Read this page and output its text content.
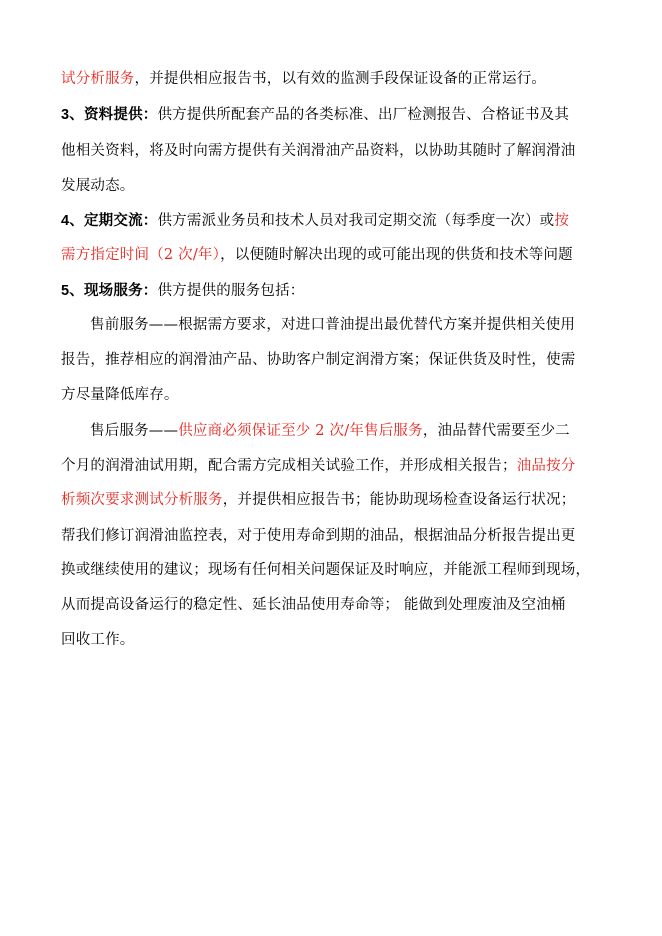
试分析服务，并提供相应报告书，以有效的监测手段保证设备的正常运行。
3、资料提供：供方提供所配套产品的各类标准、出厂检测报告、合格证书及其
他相关资料，将及时向需方提供有关润滑油产品资料，以协助其随时了解润滑油
发展动态。
4、定期交流：供方需派业务员和技术人员对我司定期交流（每季度一次）或按
需方指定时间（2 次/年），以便随时解决出现的或可能出现的供货和技术等问题
5、现场服务：供方提供的服务包括：
售前服务——根据需方要求，对进口普油提出最优替代方案并提供相关使用
报告，推荐相应的润滑油产品、协助客户制定润滑方案；保证供货及时性，使需
方尽量降低库存。
售后服务——供应商必须保证至少 2 次/年售后服务，油品替代需要至少二
个月的润滑油试用期，配合需方完成相关试验工作，并形成相关报告；油品按分
析频次要求测试分析服务，并提供相应报告书；能协助现场检查设备运行状况；
帮我们修订润滑油监控表，对于使用寿命到期的油品，根据油品分析报告提出更
换或继续使用的建议；现场有任何相关问题保证及时响应，并能派工程师到现场，
从而提高设备运行的稳定性、延长油品使用寿命等； 能做到处理废油及空油桶
回收工作。
